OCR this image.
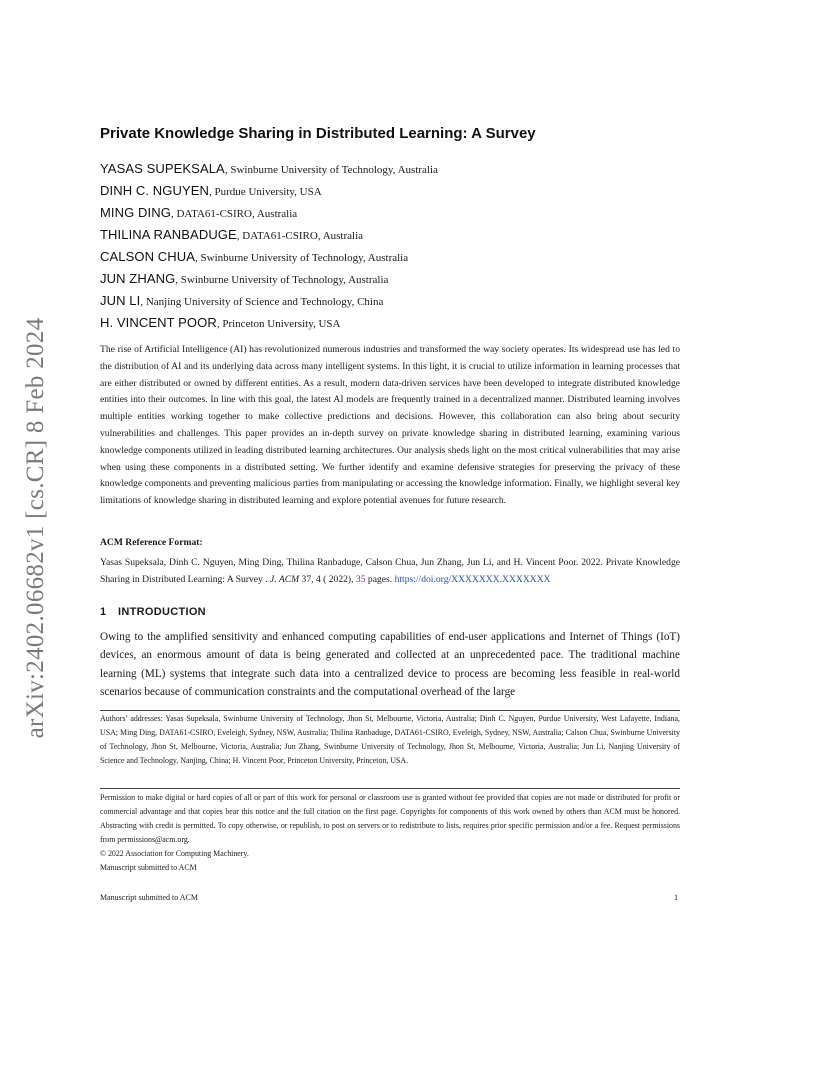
arXiv:2402.06682v1 [cs.CR] 8 Feb 2024
Private Knowledge Sharing in Distributed Learning: A Survey
YASAS SUPEKSALA, Swinburne University of Technology, Australia
DINH C. NGUYEN, Purdue University, USA
MING DING, DATA61-CSIRO, Australia
THILINA RANBADUGE, DATA61-CSIRO, Australia
CALSON CHUA, Swinburne University of Technology, Australia
JUN ZHANG, Swinburne University of Technology, Australia
JUN LI, Nanjing University of Science and Technology, China
H. VINCENT POOR, Princeton University, USA
The rise of Artificial Intelligence (AI) has revolutionized numerous industries and transformed the way society operates. Its widespread use has led to the distribution of AI and its underlying data across many intelligent systems. In this light, it is crucial to utilize information in learning processes that are either distributed or owned by different entities. As a result, modern data-driven services have been developed to integrate distributed knowledge entities into their outcomes. In line with this goal, the latest AI models are frequently trained in a decentralized manner. Distributed learning involves multiple entities working together to make collective predictions and decisions. However, this collaboration can also bring about security vulnerabilities and challenges. This paper provides an in-depth survey on private knowledge sharing in distributed learning, examining various knowledge components utilized in leading distributed learning architectures. Our analysis sheds light on the most critical vulnerabilities that may arise when using these components in a distributed setting. We further identify and examine defensive strategies for preserving the privacy of these knowledge components and preventing malicious parties from manipulating or accessing the knowledge information. Finally, we highlight several key limitations of knowledge sharing in distributed learning and explore potential avenues for future research.
ACM Reference Format:
Yasas Supeksala, Dinh C. Nguyen, Ming Ding, Thilina Ranbaduge, Calson Chua, Jun Zhang, Jun Li, and H. Vincent Poor. 2022. Private Knowledge Sharing in Distributed Learning: A Survey . J. ACM 37, 4 ( 2022), 35 pages. https://doi.org/XXXXXXX.XXXXXXX
1 INTRODUCTION
Owing to the amplified sensitivity and enhanced computing capabilities of end-user applications and Internet of Things (IoT) devices, an enormous amount of data is being generated and collected at an unprecedented pace. The traditional machine learning (ML) systems that integrate such data into a centralized device to process are becoming less feasible in real-world scenarios because of communication constraints and the computational overhead of the large
Authors’ addresses: Yasas Supeksala, Swinburne University of Technology, Jhon St, Melbourne, Victoria, Australia; Dinh C. Nguyen, Purdue University, West Lafayette, Indiana, USA; Ming Ding, DATA61-CSIRO, Eveleigh, Sydney, NSW, Australia; Thilina Ranbaduge, DATA61-CSIRO, Eveleigh, Sydney, NSW, Australia; Calson Chua, Swinburne University of Technology, Jhon St, Melbourne, Victoria, Australia; Jun Zhang, Swinburne University of Technology, Jhon St, Melbourne, Victoria, Australia; Jun Li, Nanjing University of Science and Technology, Nanjing, China; H. Vincent Poor, Princeton University, Princeton, USA.
Permission to make digital or hard copies of all or part of this work for personal or classroom use is granted without fee provided that copies are not made or distributed for profit or commercial advantage and that copies bear this notice and the full citation on the first page. Copyrights for components of this work owned by others than ACM must be honored. Abstracting with credit is permitted. To copy otherwise, or republish, to post on servers or to redistribute to lists, requires prior specific permission and/or a fee. Request permissions from permissions@acm.org.
© 2022 Association for Computing Machinery.
Manuscript submitted to ACM
Manuscript submitted to ACM	1
